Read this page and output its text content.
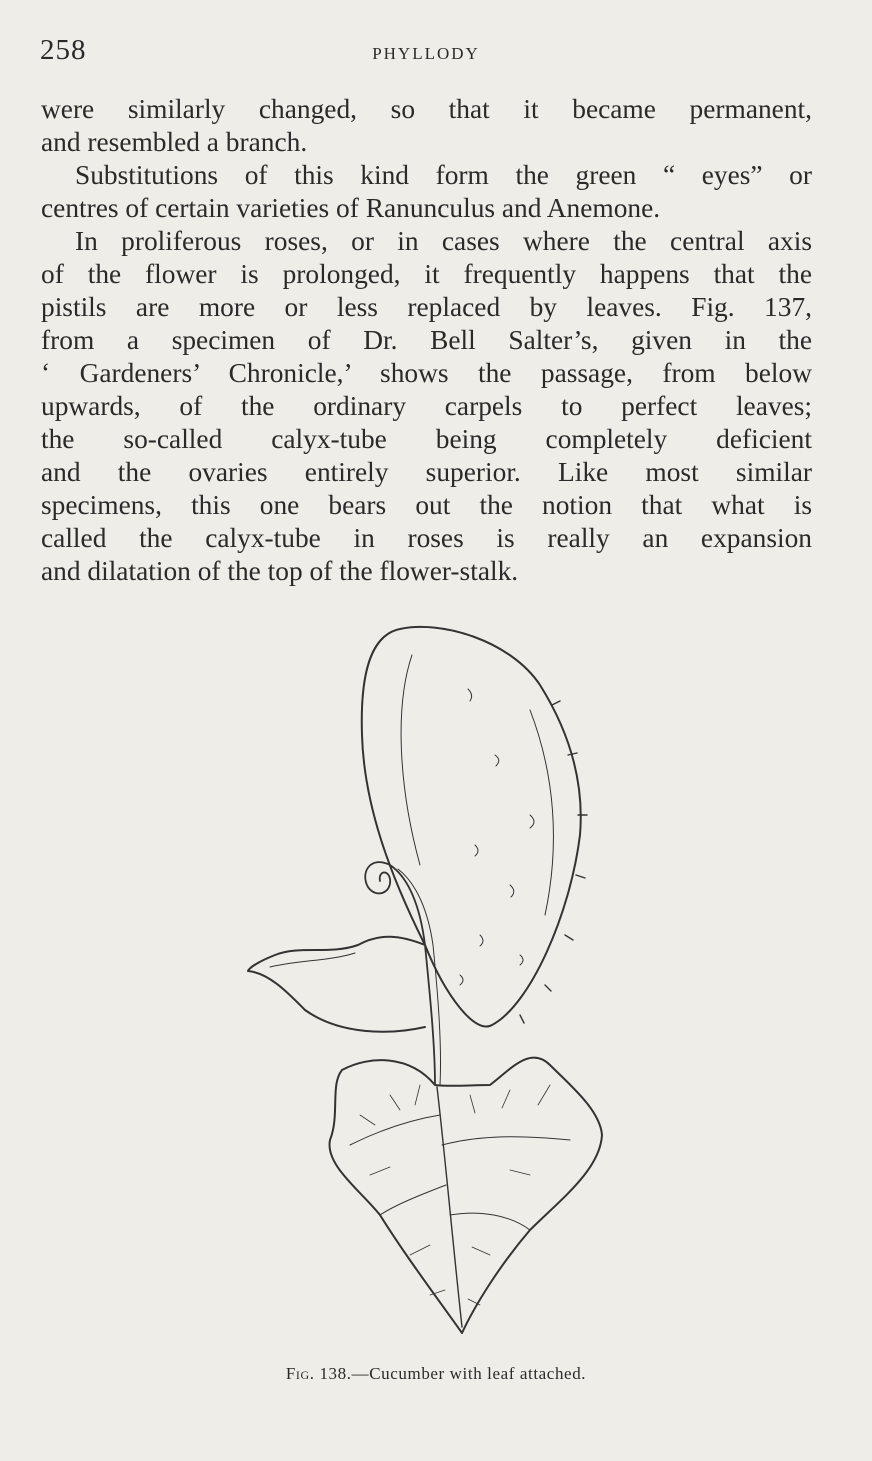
258	PHYLLODY

were similarly changed, so that it became permanent,
and resembled a branch.

Substitutions of this kind form the green “ eyes” or
centres of certain varieties of Ranunculus and Anemone.

In proliferous roses, or in cases where the central axis
of the flower is prolonged, it frequently happens that the
pistils are more or less replaced by leaves. Fig. 137,
from a specimen of Dr. Bell Salter’s, given in the
‘ Gardeners’ Chronicle,’ shows the passage, from below
upwards, of the ordinary carpels to perfect leaves;
the so-called calyx-tube being completely deficient
and the ovaries entirely superior. Like most similar
specimens, this one bears out the notion that what is
called the calyx-tube in roses is really an expansion
and dilatation of the top of the flower-stalk.

Fig. 138.—Cucumber with leaf attached.
